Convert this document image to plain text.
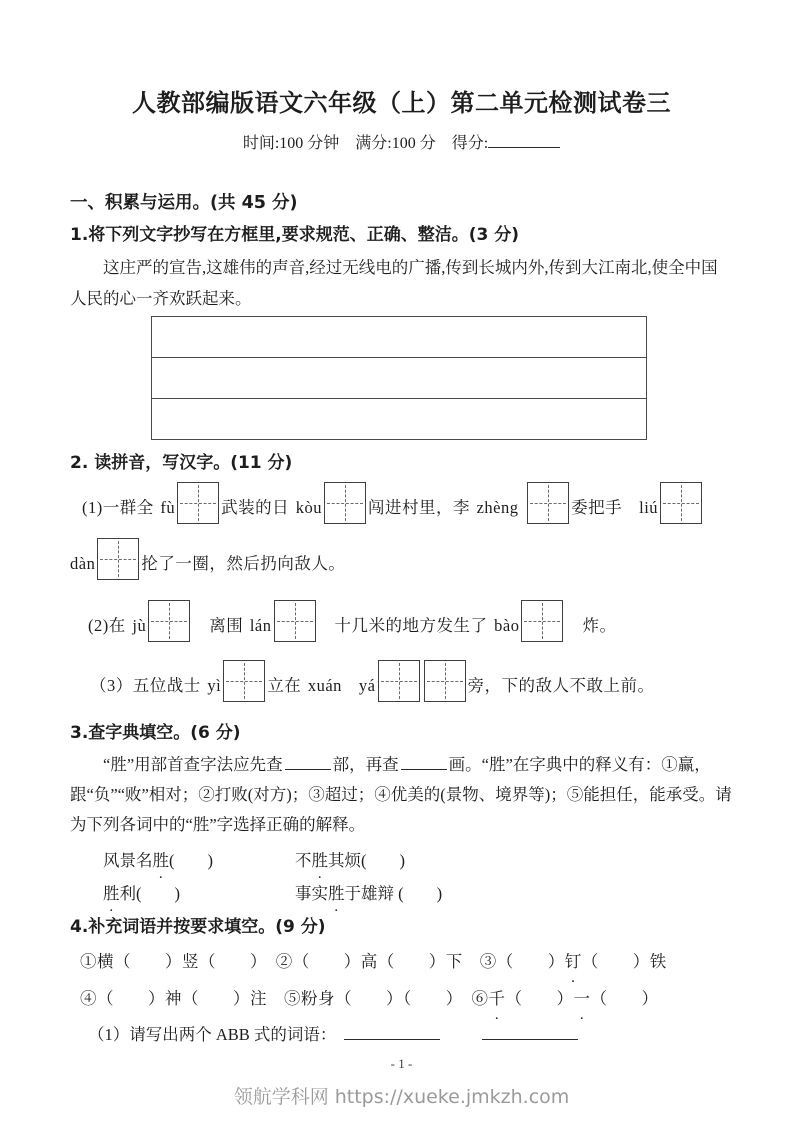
人教部编版语文六年级（上）第二单元检测试卷三
时间:100 分钟　满分:100 分　得分:
一、积累与运用。(共 45 分)
1.将下列文字抄写在方框里,要求规范、正确、整洁。(3 分)

这庄严的宣告,这雄伟的声音,经过无线电的广播,传到长城内外,传到大江南北,使全中国人民的心一齐欢跃起来。

2. 读拼音，写汉字。(11 分)
(1)一群全 fù	武装的日 kòu	闯进村里，李 zhèng	委把手　liú
dàn	抡了一圈，然后扔向敌人。
(2)在 jù	　离围 lán	　十几米的地方发生了 bào	　炸。
（3）五位战士 yì	立在 xuán　yá	旁，下的敌人不敢上前。
3.查字典填空。(6 分)

“胜”用部首查字法应先查	部，再查	画。“胜”在字典中的释义有：①赢，跟“负”“败”相对；②打败(对方)；③超过；④优美的(景物、境界等)；⑤能担任，能承受。请为下列各词中的“胜”字选择正确的解释。

风景名胜(　　)	不胜其烦(　　)
胜利(　　)	事实胜于雄辩 (　　)
4.补充词语并按要求填空。(9 分)
①横（　　）竖（　　）　②（　　）高（　　）下　③（　　）钉（　　）铁
④（　　）神（　　）注　⑤粉身（　　）（　　）　⑥千（　　）一（　　）
（1）请写出两个 ABB 式的词语：
- 1 -
领航学科网 https://xueke.jmkzh.com
